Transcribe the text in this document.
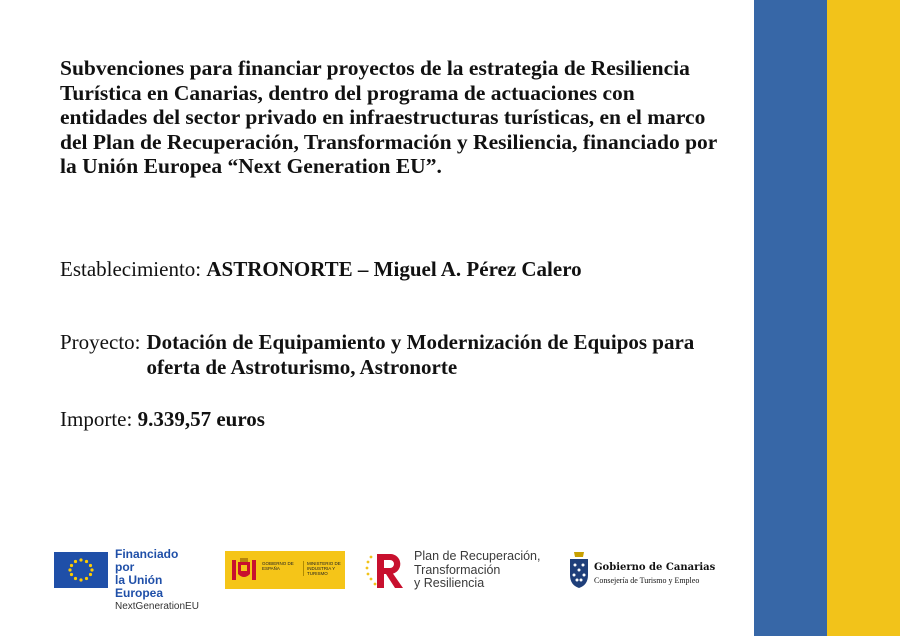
Subvenciones para financiar proyectos de la estrategia de Resiliencia Turística en Canarias, dentro del programa de actuaciones con entidades del sector privado en infraestructuras turísticas, en el marco del Plan de Recuperación, Transformación y Resiliencia, financiado por la Unión Europea “Next Generation EU”.

Establecimiento: ASTRONORTE – Miguel A. Pérez Calero
Proyecto: Dotación de Equipamiento y Modernización de Equipos para oferta de Astroturismo, Astronorte
Importe: 9.339,57 euros
Financiado por
la Unión Europea
NextGenerationEU
GOBIERNO DE ESPAÑA
MINISTERIO DE INDUSTRIA Y TURISMO
Plan de Recuperación,
Transformación
y Resiliencia
Gobierno de Canarias
Consejería de Turismo y Empleo
